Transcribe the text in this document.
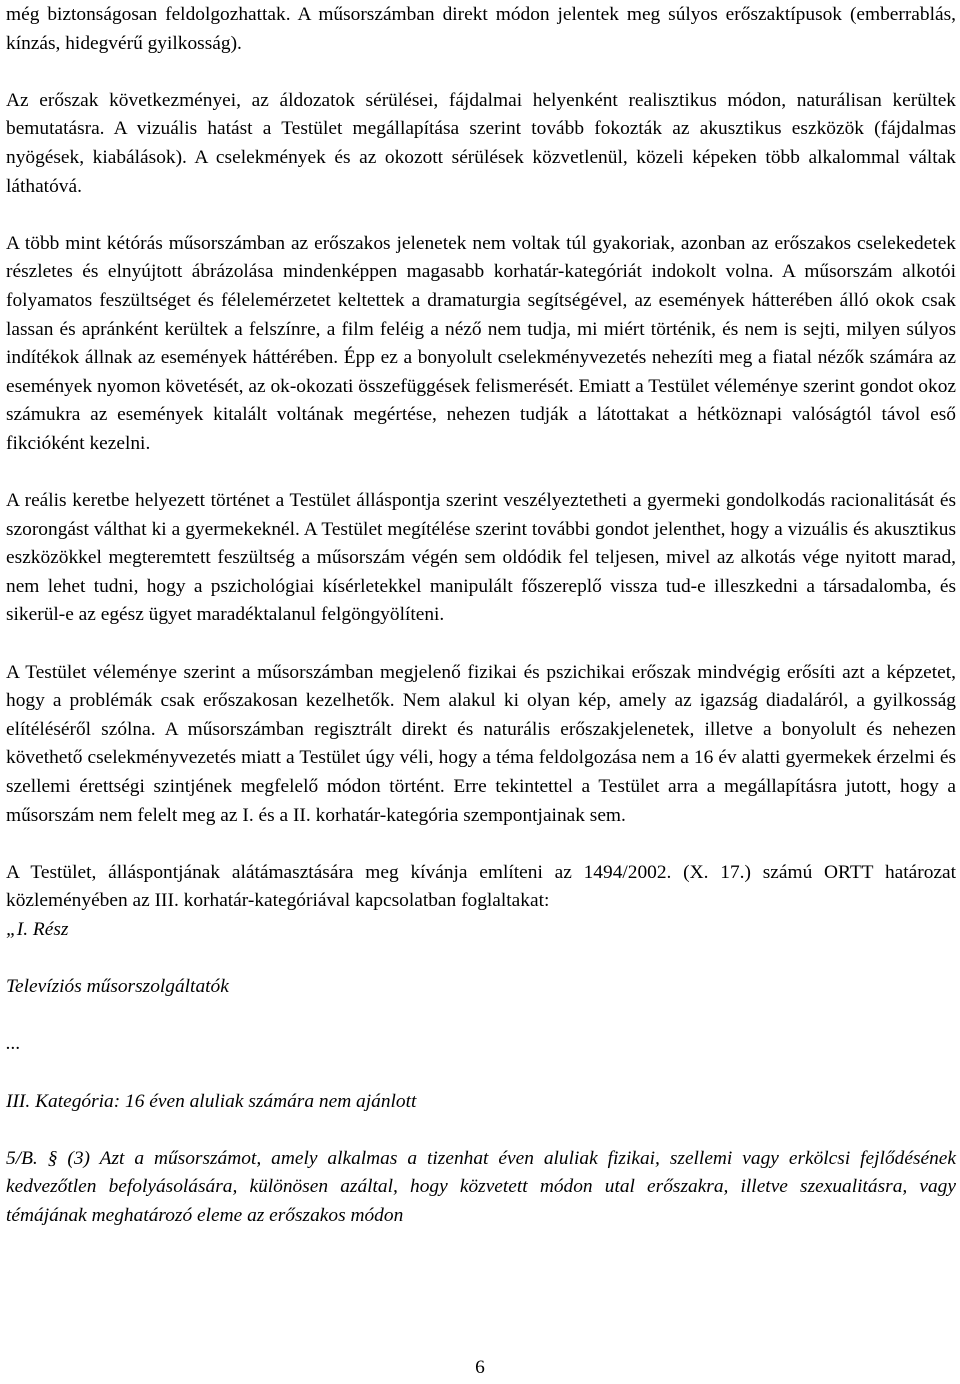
még biztonságosan feldolgozhattak. A műsorszámban direkt módon jelentek meg súlyos erőszaktípusok (emberrablás, kínzás, hidegvérű gyilkosság).

Az erőszak következményei, az áldozatok sérülései, fájdalmai helyenként realisztikus módon, naturálisan kerültek bemutatásra. A vizuális hatást a Testület megállapítása szerint tovább fokozták az akusztikus eszközök (fájdalmas nyögések, kiabálások). A cselekmények és az okozott sérülések közvetlenül, közeli képeken több alkalommal váltak láthatóvá.

A több mint kétórás műsorszámban az erőszakos jelenetek nem voltak túl gyakoriak, azonban az erőszakos cselekedetek részletes és elnyújtott ábrázolása mindenképpen magasabb korhatár-kategóriát indokolt volna. A műsorszám alkotói folyamatos feszültséget és félelemérzetet keltettek a dramaturgia segítségével, az események hátterében álló okok csak lassan és apránként kerültek a felszínre, a film feléig a néző nem tudja, mi miért történik, és nem is sejti, milyen súlyos indítékok állnak az események háttérében. Épp ez a bonyolult cselekményvezetés nehezíti meg a fiatal nézők számára az események nyomon követését, az ok-okozati összefüggések felismerését. Emiatt a Testület véleménye szerint gondot okoz számukra az események kitalált voltának megértése, nehezen tudják a látottakat a hétköznapi valóságtól távol eső fikcióként kezelni.

A reális keretbe helyezett történet a Testület álláspontja szerint veszélyeztetheti a gyermeki gondolkodás racionalitását és szorongást válthat ki a gyermekeknél. A Testület megítélése szerint további gondot jelenthet, hogy a vizuális és akusztikus eszközökkel megteremtett feszültség a műsorszám végén sem oldódik fel teljesen, mivel az alkotás vége nyitott marad, nem lehet tudni, hogy a pszichológiai kísérletekkel manipulált főszereplő vissza tud-e illeszkedni a társadalomba, és sikerül-e az egész ügyet maradéktalanul felgöngyölíteni.

A Testület véleménye szerint a műsorszámban megjelenő fizikai és pszichikai erőszak mindvégig erősíti azt a képzetet, hogy a problémák csak erőszakosan kezelhetők. Nem alakul ki olyan kép, amely az igazság diadaláról, a gyilkosság elítéléséről szólna. A műsorszámban regisztrált direkt és naturális erőszakjelenetek, illetve a bonyolult és nehezen követhető cselekményvezetés miatt a Testület úgy véli, hogy a téma feldolgozása nem a 16 év alatti gyermekek érzelmi és szellemi érettségi szintjének megfelelő módon történt. Erre tekintettel a Testület arra a megállapításra jutott, hogy a műsorszám nem felelt meg az I. és a II. korhatár-kategória szempontjainak sem.

A Testület, álláspontjának alátámasztására meg kívánja említeni az 1494/2002. (X. 17.) számú ORTT határozat közleményében az III. korhatár-kategóriával kapcsolatban foglaltakat:

„I. Rész

Televíziós műsorszolgáltatók

...

III. Kategória: 16 éven aluliak számára nem ajánlott

5/B. § (3) Azt a műsorszámot, amely alkalmas a tizenhat éven aluliak fizikai, szellemi vagy erkölcsi fejlődésének kedvezőtlen befolyásolására, különösen azáltal, hogy közvetett módon utal erőszakra, illetve szexualitásra, vagy témájának meghatározó eleme az erőszakos módon

6
